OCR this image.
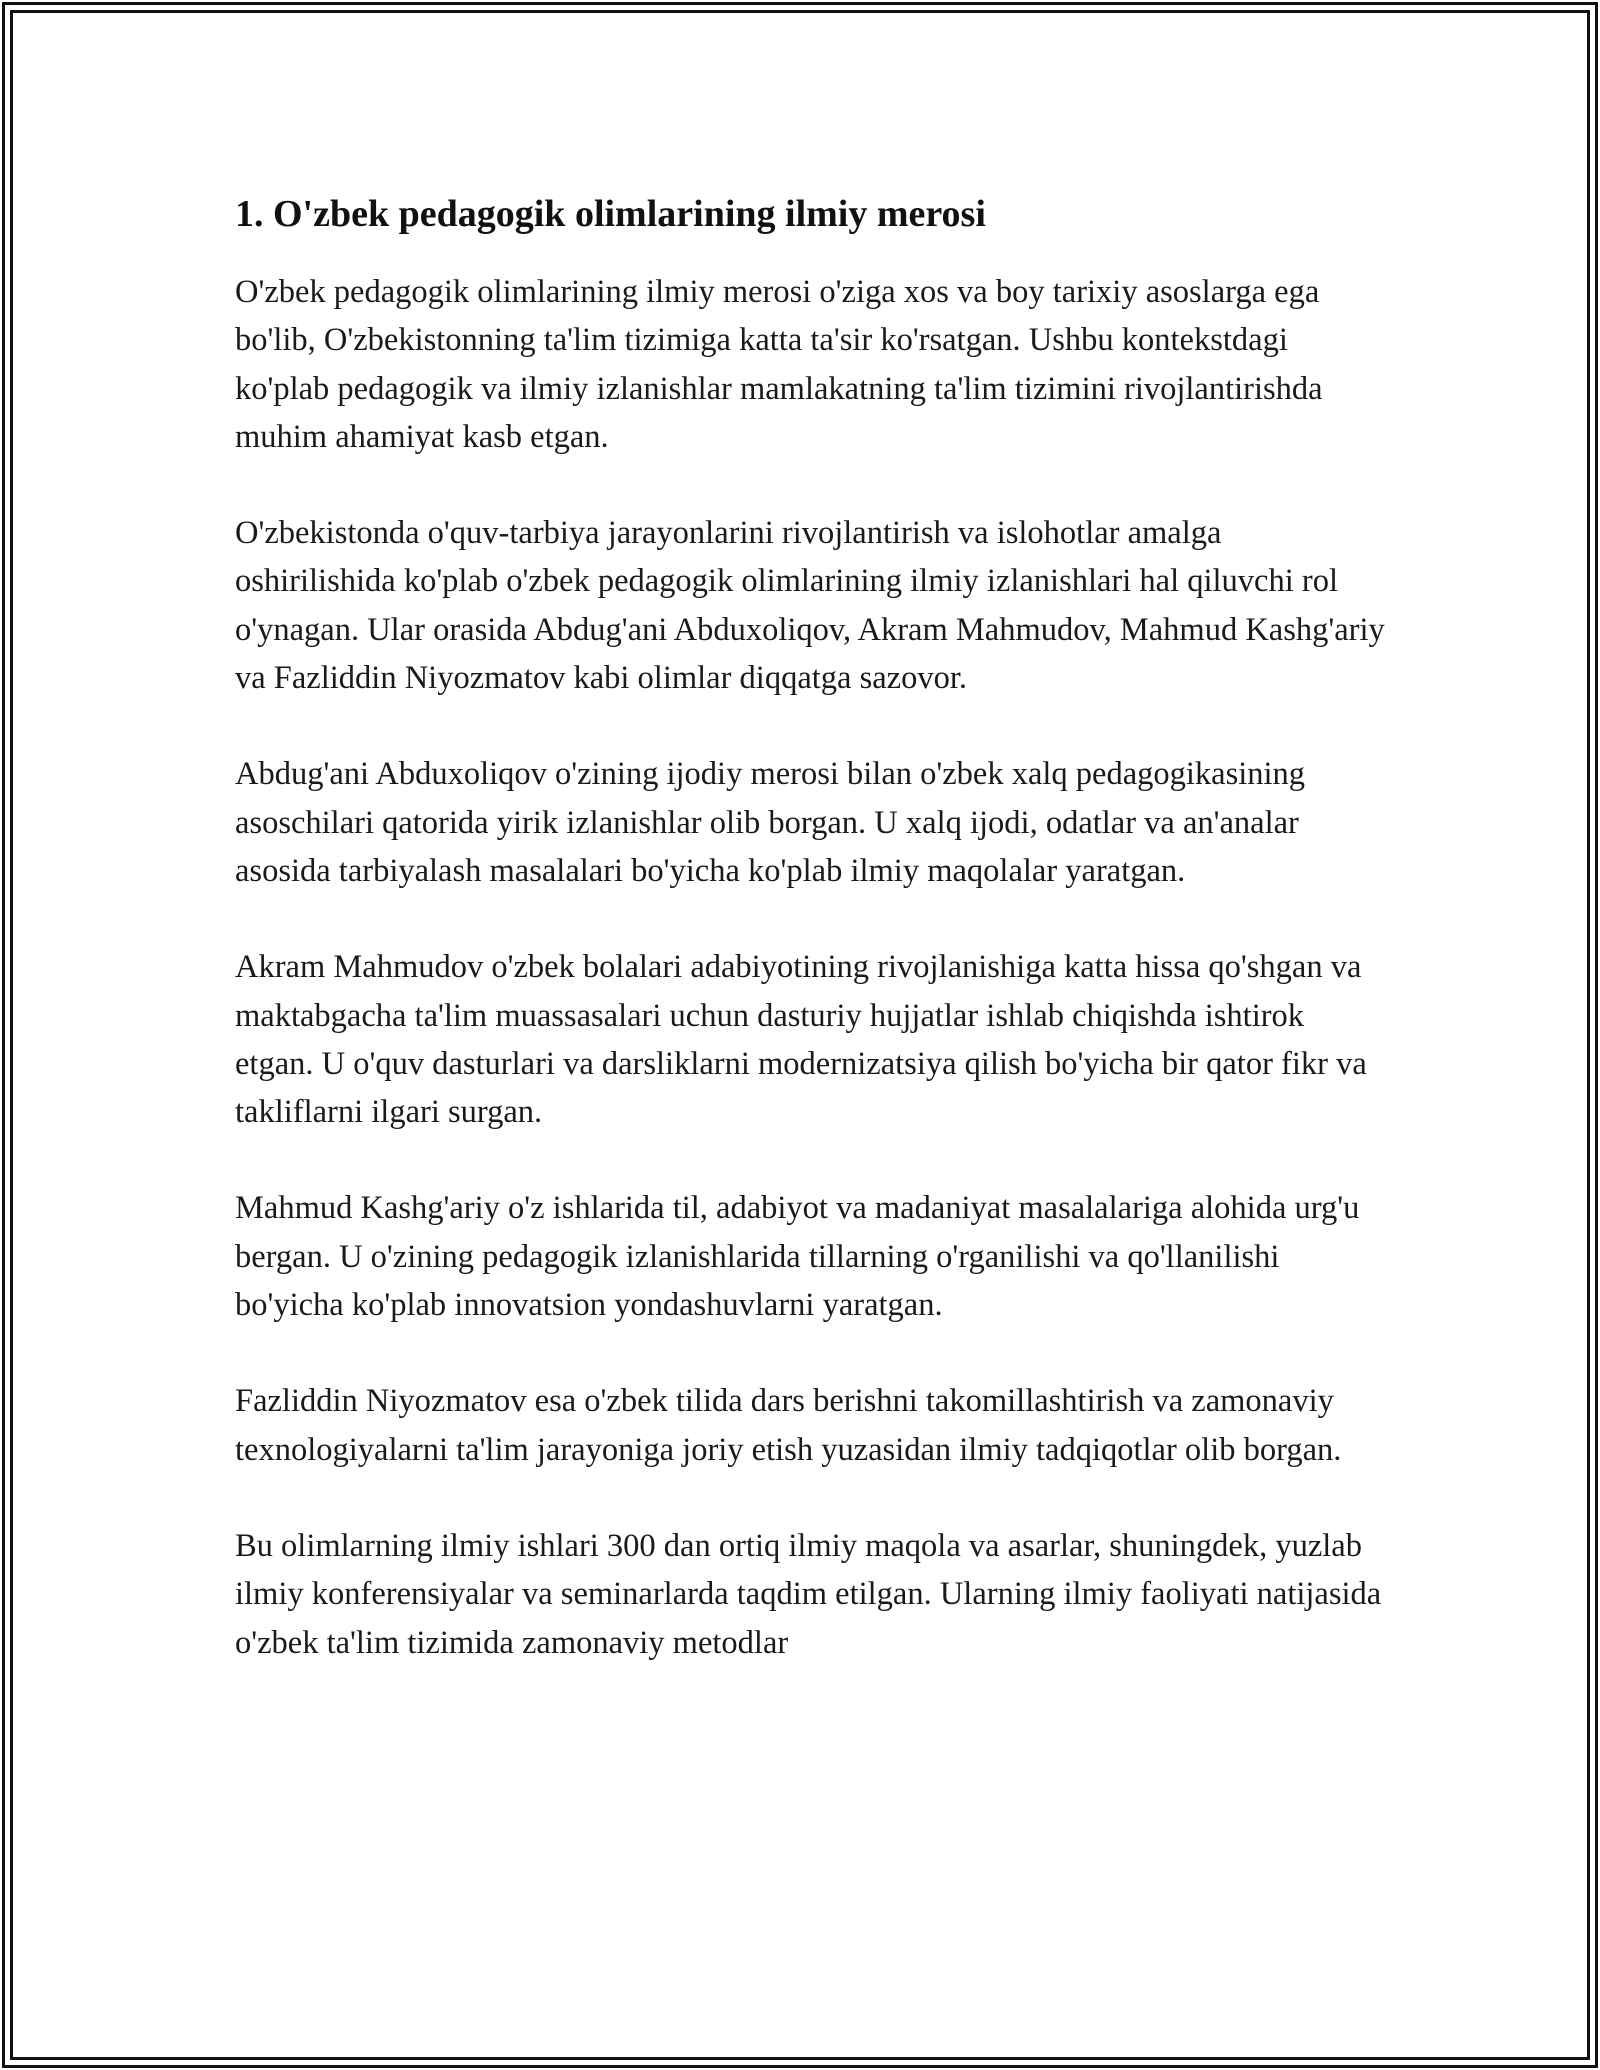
1. O'zbek pedagogik olimlarining ilmiy merosi

O'zbek pedagogik olimlarining ilmiy merosi o'ziga xos va boy tarixiy asoslarga ega bo'lib, O'zbekistonning ta'lim tizimiga katta ta'sir ko'rsatgan. Ushbu kontekstdagi ko'plab pedagogik va ilmiy izlanishlar mamlakatning ta'lim tizimini rivojlantirishda muhim ahamiyat kasb etgan.

O'zbekistonda o'quv-tarbiya jarayonlarini rivojlantirish va islohotlar amalga oshirilishida ko'plab o'zbek pedagogik olimlarining ilmiy izlanishlari hal qiluvchi rol o'ynagan. Ular orasida Abdug'ani Abduxoliqov, Akram Mahmudov, Mahmud Kashg'ariy va Fazliddin Niyozmatov kabi olimlar diqqatga sazovor.

Abdug'ani Abduxoliqov o'zining ijodiy merosi bilan o'zbek xalq pedagogikasining asoschilari qatorida yirik izlanishlar olib borgan. U xalq ijodi, odatlar va an'analar asosida tarbiyalash masalalari bo'yicha ko'plab ilmiy maqolalar yaratgan.

Akram Mahmudov o'zbek bolalari adabiyotining rivojlanishiga katta hissa qo'shgan va maktabgacha ta'lim muassasalari uchun dasturiy hujjatlar ishlab chiqishda ishtirok etgan. U o'quv dasturlari va darsliklarni modernizatsiya qilish bo'yicha bir qator fikr va takliflarni ilgari surgan.

Mahmud Kashg'ariy o'z ishlarida til, adabiyot va madaniyat masalalariga alohida urg'u bergan. U o'zining pedagogik izlanishlarida tillarning o'rganilishi va qo'llanilishi bo'yicha ko'plab innovatsion yondashuvlarni yaratgan.

Fazliddin Niyozmatov esa o'zbek tilida dars berishni takomillashtirish va zamonaviy texnologiyalarni ta'lim jarayoniga joriy etish yuzasidan ilmiy tadqiqotlar olib borgan.

Bu olimlarning ilmiy ishlari 300 dan ortiq ilmiy maqola va asarlar, shuningdek, yuzlab ilmiy konferensiyalar va seminarlarda taqdim etilgan. Ularning ilmiy faoliyati natijasida o'zbek ta'lim tizimida zamonaviy metodlar
